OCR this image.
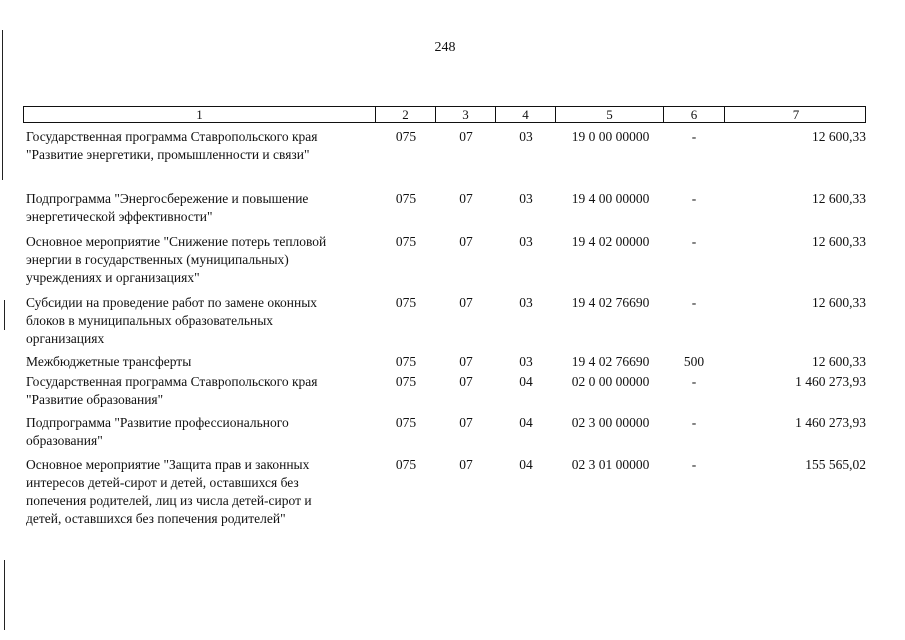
248
1	2	3	4	5	6	7
Государственная программа Ставропольского края
"Развитие энергетики, промышленности и связи"
075	07	03	19 0 00 00000	-	12 600,33
Подпрограмма "Энергосбережение и повышение
энергетической эффективности"
075	07	03	19 4 00 00000	-	12 600,33
Основное мероприятие "Снижение потерь тепловой
энергии в государственных (муниципальных)
учреждениях и организациях"
075	07	03	19 4 02 00000	-	12 600,33
Субсидии на проведение работ по замене оконных
блоков в муниципальных образовательных
организациях
075	07	03	19 4 02 76690	-	12 600,33
Межбюджетные трансферты	075	07	03	19 4 02 76690	500	12 600,33
Государственная программа Ставропольского края
"Развитие образования"
075	07	04	02 0 00 00000	-	1 460 273,93
Подпрограмма "Развитие профессионального
образования"
075	07	04	02 3 00 00000	-	1 460 273,93
Основное мероприятие "Защита прав и законных
интересов детей-сирот и детей, оставшихся без
попечения родителей, лиц из числа детей-сирот и
детей, оставшихся без попечения родителей"
075	07	04	02 3 01 00000	-	155 565,02
